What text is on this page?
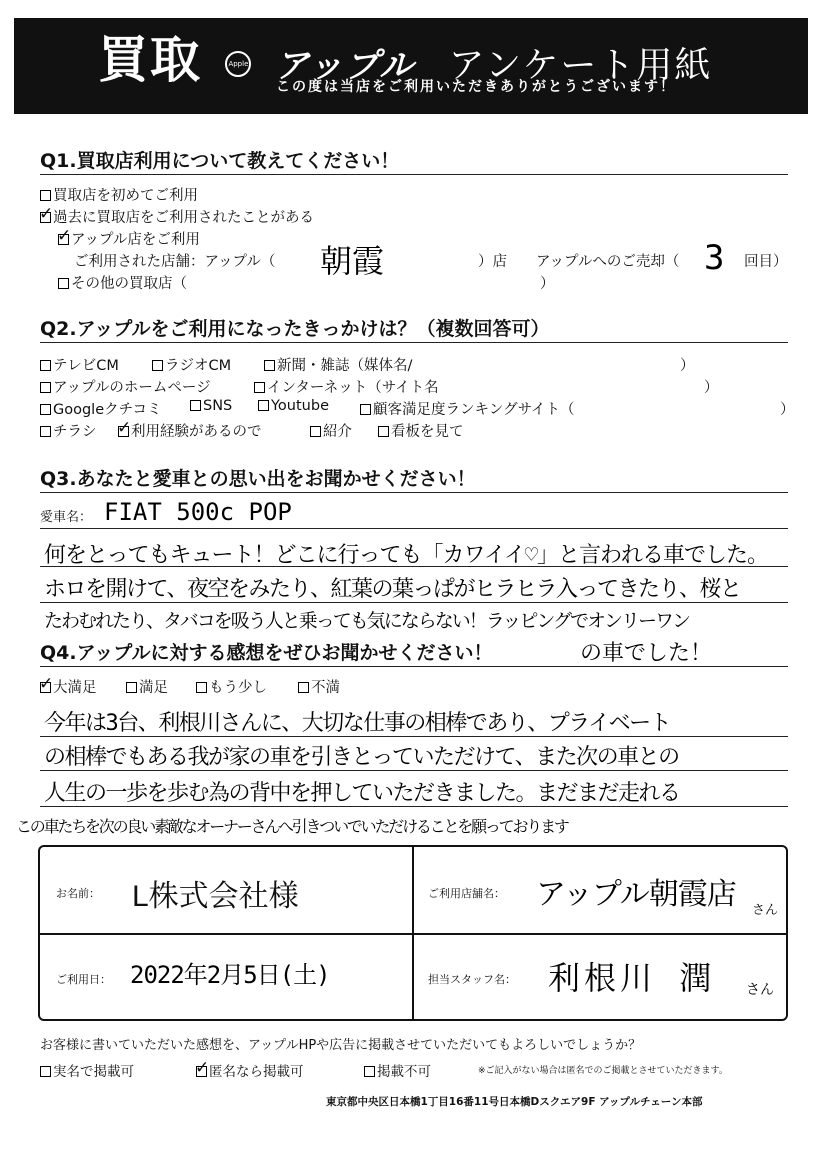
買取	Apple アップル アンケート用紙
この度は当店をご利用いただきありがとうございます！
Q1.買取店利用について教えてください！
買取店を初めてご利用
✓過去に買取店をご利用されたことがある
✓アップル店をご利用
ご利用された店舗：アップル（ 朝霞	）店 アップルへのご売却（ 3 回目）
その他の買取店（	）
Q2.アップルをご利用になったきっかけは？（複数回答可）
テレビCM	ラジオCM	新聞・雑誌（媒体名/	）
アップルのホームページ	インターネット（サイト名	）
Googleクチコミ	SNS	Youtube	顧客満足度ランキングサイト（	）
チラシ ✓	利用経験があるので	紹介	看板を見て
Q3.あなたと愛車との思い出をお聞かせください！
愛車名： FIAT 500c POP
何をとってもキュート！どこに行っても「カワイイ♡」と言われる車でした。
ホロを開けて、夜空をみたり、紅葉の葉っぱがヒラヒラ入ってきたり、桜と
たわむれたり、タバコを吸う人と乗っても気にならない！ラッピングでオンリーワン
Q4.アップルに対する感想をぜひお聞かせください！	の車でした！
✓大満足	満足	もう少し	不満
今年は3台、利根川さんに、大切な仕事の相棒であり、プライベート
の相棒でもある我が家の車を引きとっていただけて、また次の車との
人生の一歩を歩む為の背中を押していただきました。まだまだ走れる
この車たちを次の良い素敵なオーナーさんへ引きついでいただけることを願っております
お名前： L株式会社様	ご利用店舗名： アップル朝霞店 さん
ご利用日： 2022年2月5日(土)	担当スタッフ名： 利根川 潤 さん
お客様に書いていただいた感想を、アップルHPや広告に掲載させていただいてもよろしいでしょうか？
実名で掲載可 ✓	匿名なら掲載可	掲載不可	※ご記入がない場合は匿名でのご掲載とさせていただきます。
東京都中央区日本橋1丁目16番11号日本橋Dスクエア9F アップルチェーン本部
